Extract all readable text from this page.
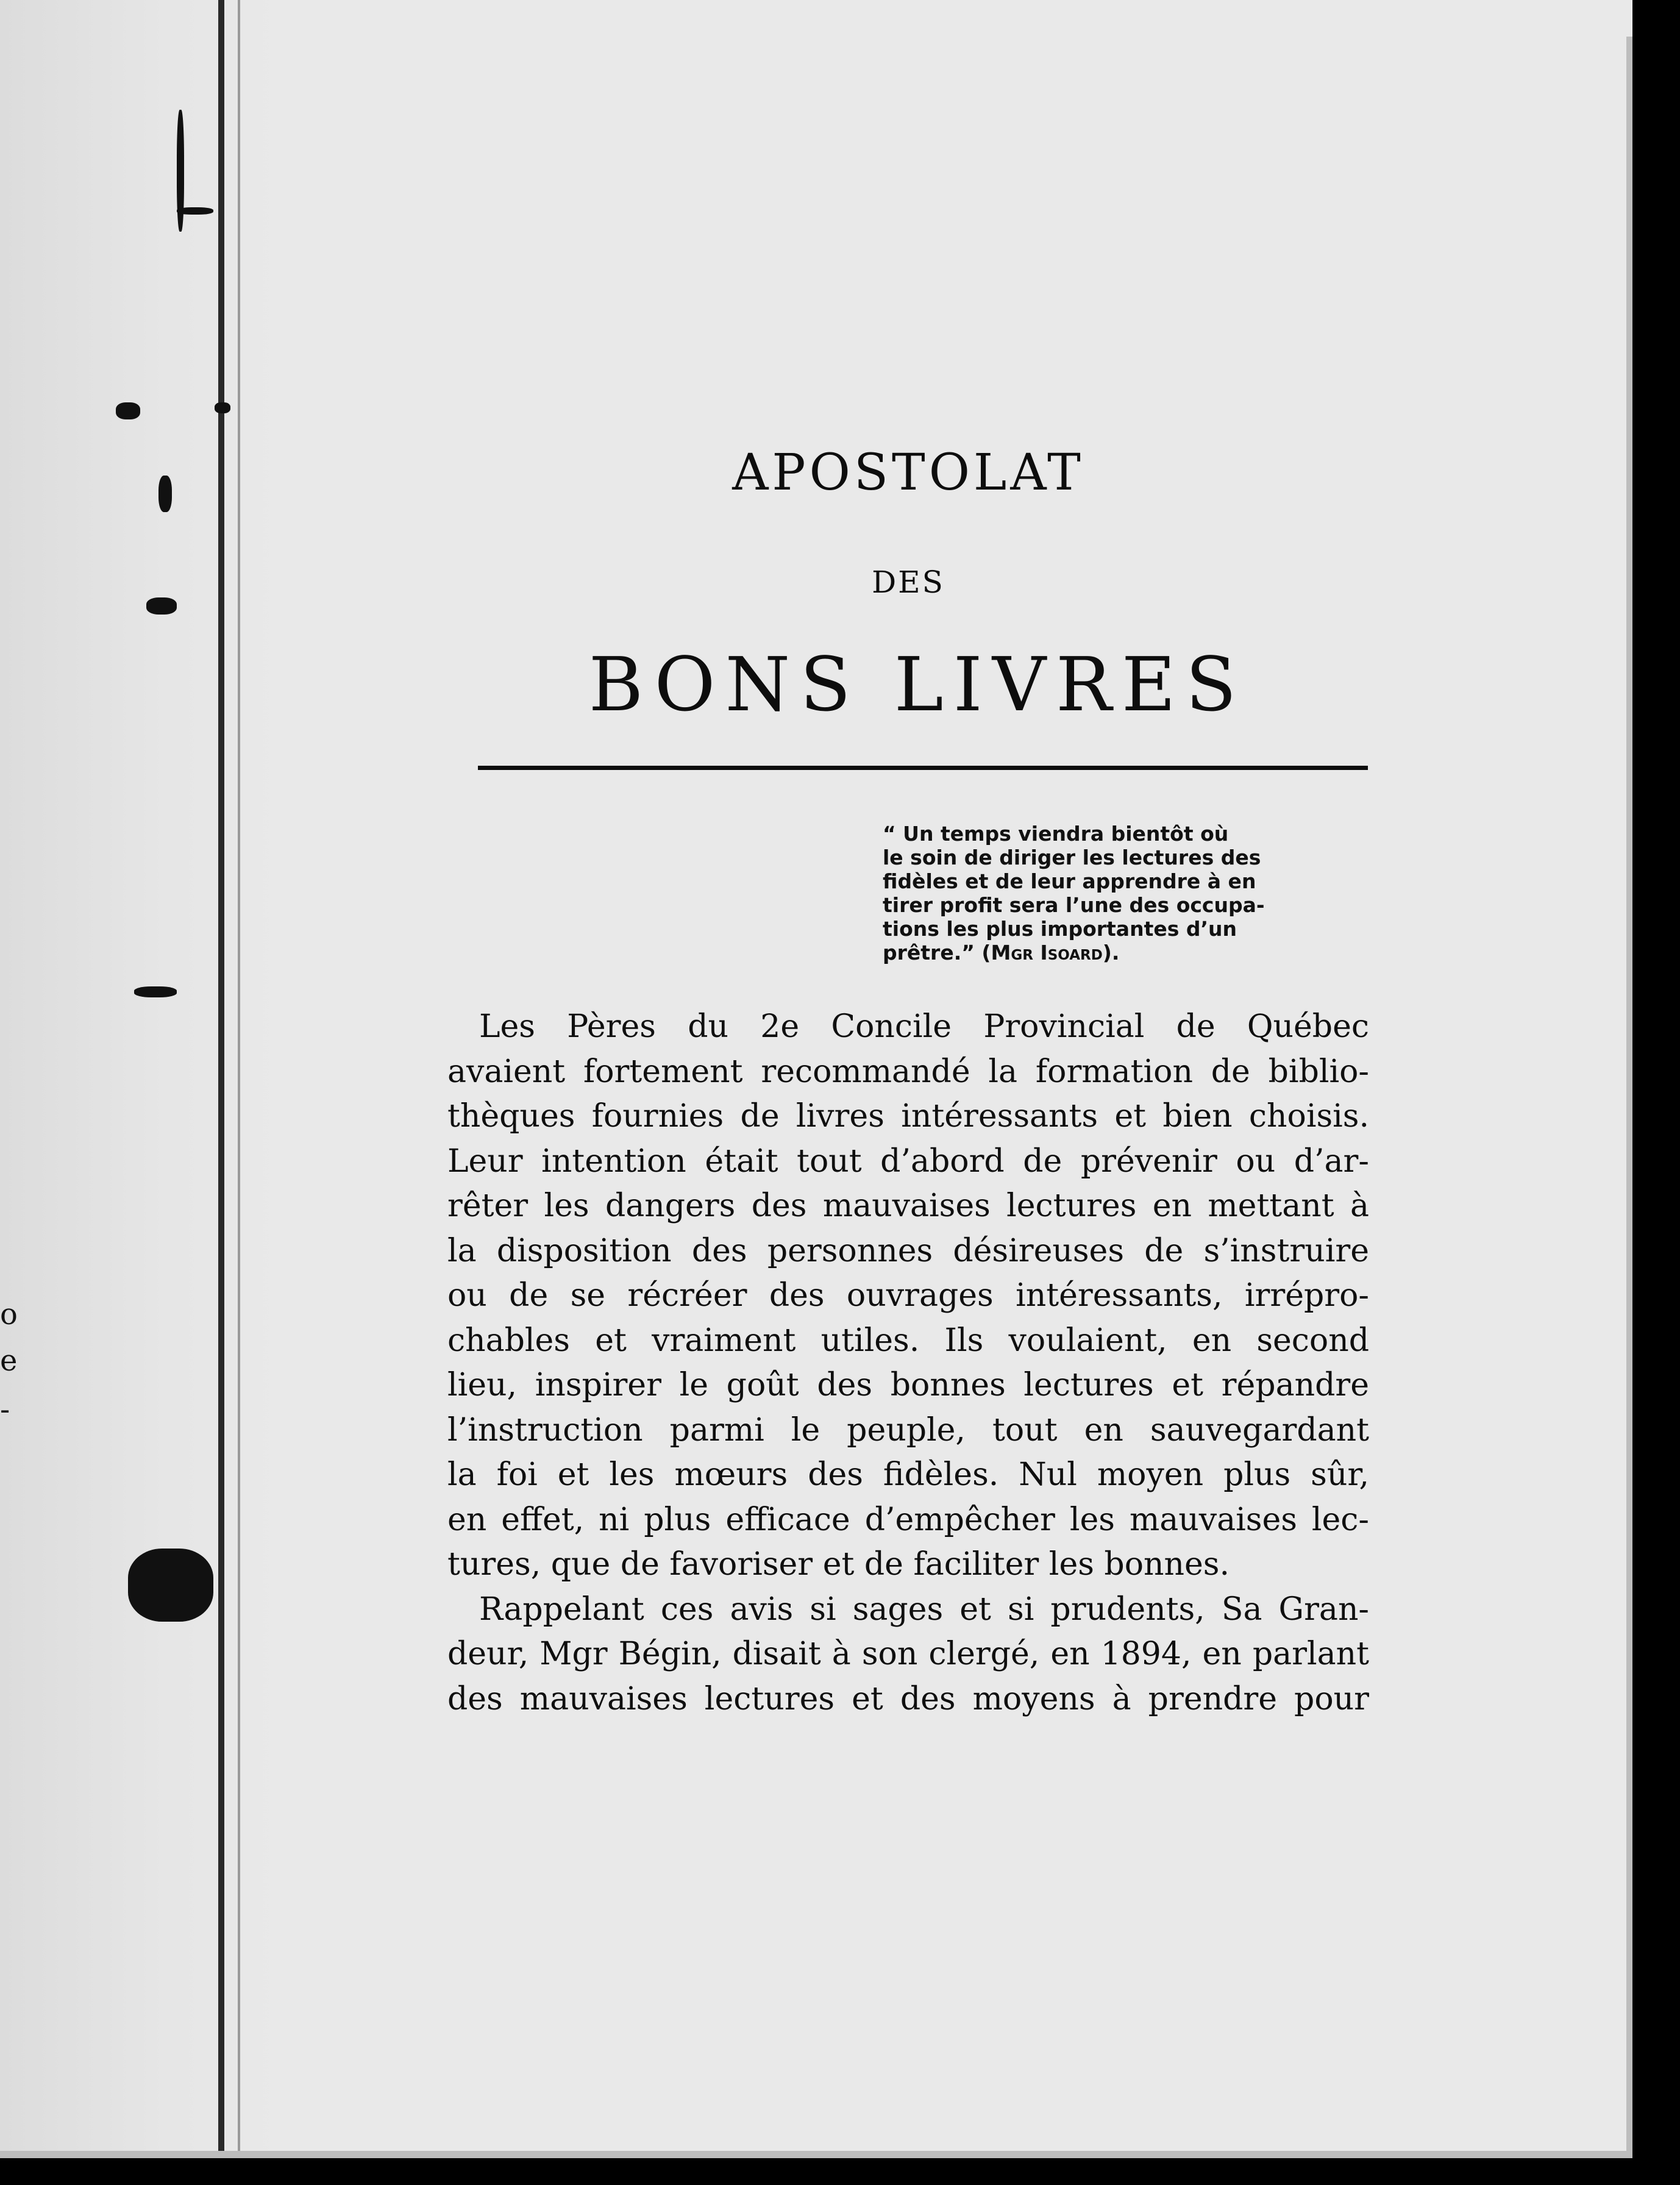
o
e
-
APOSTOLAT
DES
BONS LIVRES
“ Un temps viendra bientôt où
le soin de diriger les lectures des
fidèles et de leur apprendre à en
tirer profit sera l’une des occupa-
tions les plus importantes d’un
prêtre.” (Mgr Isoard).
Les Pères du 2e Concile Provincial de Québec
avaient fortement recommandé la formation de biblio-
thèques fournies de livres intéressants et bien choisis.
Leur intention était tout d’abord de prévenir ou d’ar-
rêter les dangers des mauvaises lectures en mettant à
la disposition des personnes désireuses de s’instruire
ou de se récréer des ouvrages intéressants, irrépro-
chables et vraiment utiles. Ils voulaient, en second
lieu, inspirer le goût des bonnes lectures et répandre
l’instruction parmi le peuple, tout en sauvegardant
la foi et les mœurs des fidèles. Nul moyen plus sûr,
en effet, ni plus efficace d’empêcher les mauvaises lec-
tures, que de favoriser et de faciliter les bonnes.
Rappelant ces avis si sages et si prudents, Sa Gran-
deur, Mgr Bégin, disait à son clergé, en 1894, en parlant
des mauvaises lectures et des moyens à prendre pour
